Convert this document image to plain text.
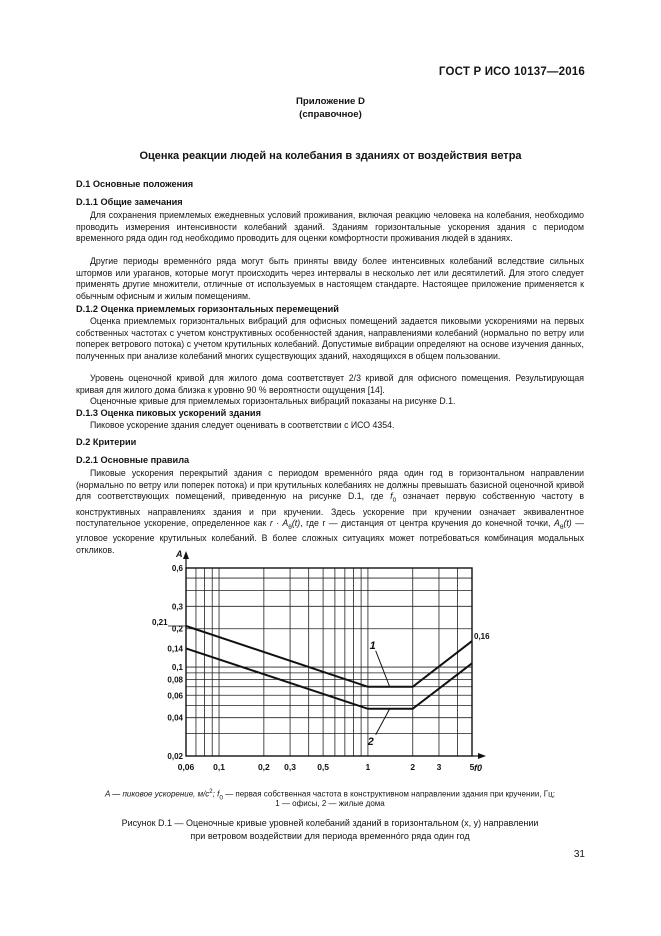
ГОСТ Р ИСО 10137—2016
Приложение D
(справочное)
Оценка реакции людей на колебания в зданиях от воздействия ветра
D.1 Основные положения
D.1.1 Общие замечания
Для сохранения приемлемых ежедневных условий проживания, включая реакцию человека на колебания, необходимо проводить измерения интенсивности колебаний зданий. Зданиям горизонтальные ускорения здания с периодом временного ряда один год необходимо проводить для оценки комфортности проживания людей в зданиях.
Другие периоды временно́го ряда могут быть приняты ввиду более интенсивных колебаний вследствие сильных штормов или ураганов, которые могут происходить через интервалы в несколько лет или десятилетий. Для этого следует применять другие множители, отличные от используемых в настоящем стандарте. Настоящее приложение применяется к обычным офисным и жилым помещениям.
D.1.2 Оценка приемлемых горизонтальных перемещений
Оценка приемлемых горизонтальных вибраций для офисных помещений задается пиковыми ускорениями на первых собственных частотах с учетом конструктивных особенностей здания, направлениями колебаний (нормально по ветру или поперек ветрового потока) с учетом крутильных колебаний. Допустимые вибрации определяют на основе изучения данных, полученных при анализе колебаний многих существующих зданий, находящихся в общем пользовании.
Уровень оценочной кривой для жилого дома соответствует 2/3 кривой для офисного помещения. Результирующая кривая для жилого дома близка к уровню 90 % вероятности ощущения [14].
Оценочные кривые для приемлемых горизонтальных вибраций показаны на рисунке D.1.
D.1.3 Оценка пиковых ускорений здания
Пиковое ускорение здания следует оценивать в соответствии с ИСО 4354.
D.2 Критерии
D.2.1 Основные правила
Пиковые ускорения перекрытий здания с периодом временно́го ряда один год в горизонтальном направлении (нормально по ветру или поперек потока) и при крутильных колебаниях не должны превышать базисной оценочной кривой для соответствующих помещений, приведенную на рисунке D.1, где $f_0$ означает первую собственную частоту в конструктивных направлениях здания и при кручении. Здесь ускорение при кручении означает эквивалентное поступательное ускорение, определенное как $r \cdot A_\theta(t)$, где r — дистанция от центра кручения до конечной точки, $A_\theta(t)$ — угловое ускорение крутильных колебаний. В более сложных ситуациях может потребоваться комбинация модальных откликов.
0,06 0,1	0,2 0,3 0,5	1	2	3	5
0,02
0,04
0,06
0,08
0,1
0,14
0,2
0,3
0,6
A
f0
1
2
0,21
0,16
A — пиковое ускорение, $м/с^2$; $f_0$ — первая собственная частота в конструктивном направлении здания при кручении, Гц;
1 — офисы, 2 — жилые дома
Рисунок D.1 — Оценочные кривые уровней колебаний зданий в горизонтальном (x, y) направлении
при ветровом воздействии для периода временно́го ряда один год
31
